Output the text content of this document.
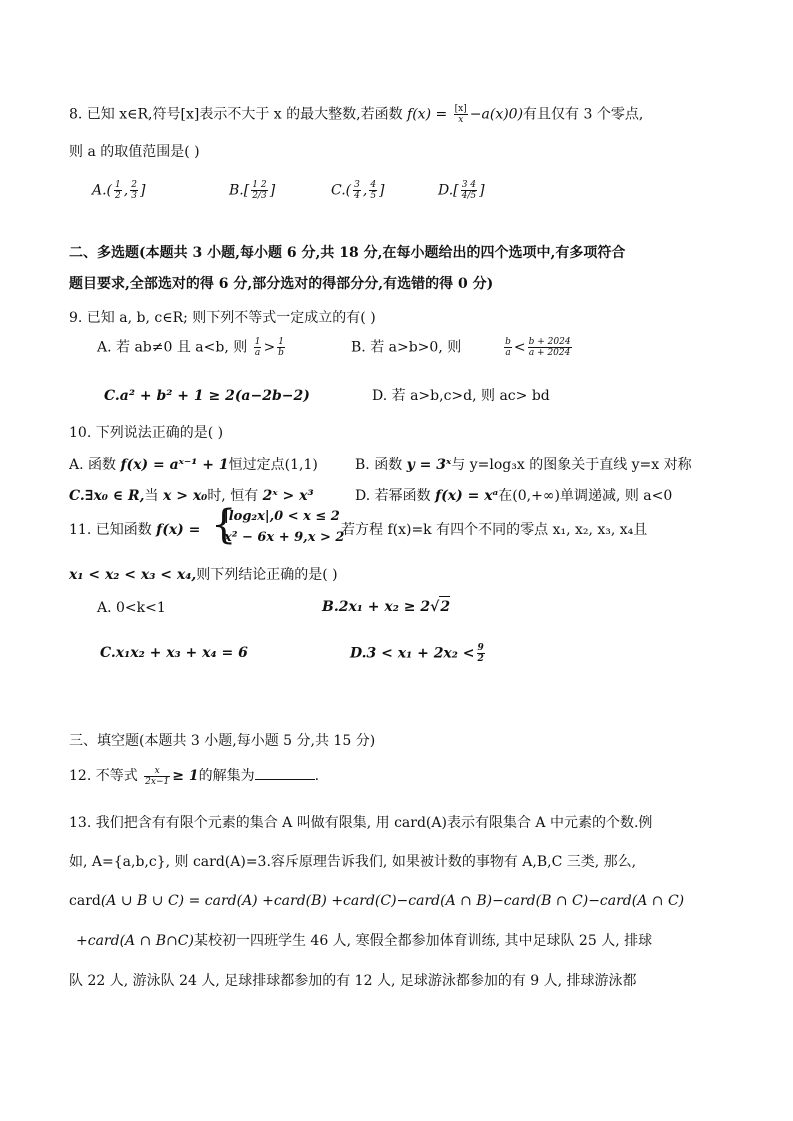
8. 已知 x∈R,符号[x]表示不大于 x 的最大整数,若函数 $f(x) = \frac{[x]}{x} -a(x)0$)有且仅有 3 个零点,
则 a 的取值范围是( )
$A.( \frac{1}{2}$ , $\frac{2}{3}$ ]	$B.[ \frac{1 2}{2/3}$ ]	$C.( \frac{3}{4}$ , $\frac{4}{5}$ ]	$D.[ \frac{3 4}{4/5}$ ]
二、多选题(本题共 3 小题,每小题 6 分,共 18 分,在每小题给出的四个选项中,有多项符合
题目要求,全部选对的得 6 分,部分选对的得部分分,有选错的得 0 分)
9. 已知 a, b, c∈R; 则下列不等式一定成立的有( )
A. 若 ab≠0 且 a<b, 则 $\frac{1}{a} > \frac{1}{b}$	B. 若 a>b>0, 则	$\frac{b}{a} < \frac{b + 2024}{a + 2024}$
C.a² + b² + 1 ≥ 2(a−2b−2)	D. 若 a>b,c>d, 则 ac> bd
10. 下列说法正确的是( )
A. 函数 f(x) = aˣ⁻¹ + 1恒过定点(1,1)	B. 函数 y = 3ˣ与 y=log₃x 的图象关于直线 y=x 对称
C.∃x₀ ∈ R,当 x > x₀时, 恒有 2ˣ > x³	D. 若幂函数 f(x) = xᵃ在(0,+∞)单调递减, 则 a<0
11. 已知函数 f(x) = {
|log₂x|,0 < x ≤ 2
x² − 6x + 9,x > 2
若方程 f(x)=k 有四个不同的零点 x₁, x₂, x₃, x₄且
x₁ < x₂ < x₃ < x₄,则下列结论正确的是( )
A. 0<k<1	B.2x₁ + x₂ ≥ 2√2
C.x₁x₂ + x₃ + x₄ = 6	$D.3 < x_1 + 2x_2 < \frac{9}{2}$
三、填空题(本题共 3 小题,每小题 5 分,共 15 分)
12. 不等式 $\frac{x}{2x-1} \ge 1$的解集为	.
13. 我们把含有有限个元素的集合 A 叫做有限集, 用 card(A)表示有限集合 A 中元素的个数.例
如, A={a,b,c}, 则 card(A)=3.容斥原理告诉我们, 如果被计数的事物有 A,B,C 三类, 那么,
card(A ∪ B ∪ C) = card(A) +card(B) +card(C)−card(A ∩ B)−card(B ∩ C)−card(A ∩ C)
+card(A ∩ B∩C)某校初一四班学生 46 人, 寒假全都参加体育训练, 其中足球队 25 人, 排球
队 22 人, 游泳队 24 人, 足球排球都参加的有 12 人, 足球游泳都参加的有 9 人, 排球游泳都
